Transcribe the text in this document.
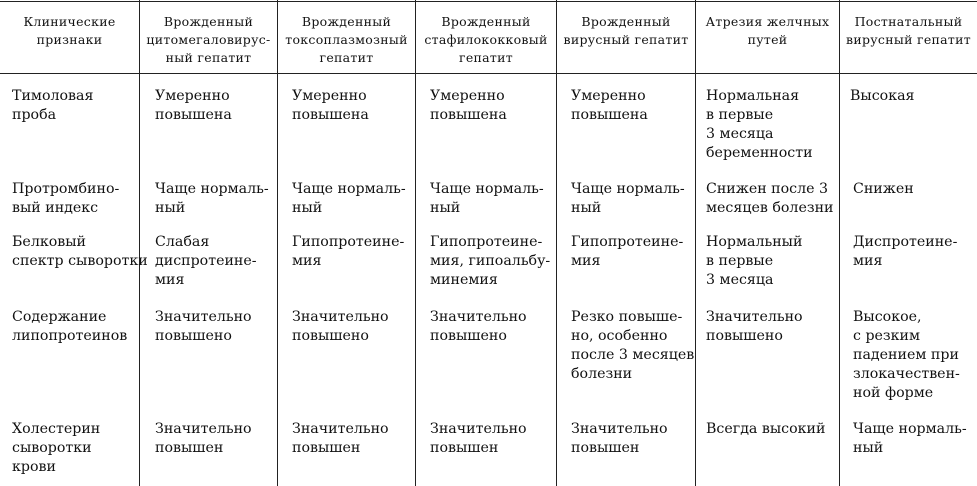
Клинические
признаки
Врожденный
цитомегаловирус-
ный гепатит
Врожденный
токсоплазмозный
гепатит
Врожденный
стафилококковый
гепатит
Врожденный
вирусный гепатит
Атрезия желчных
путей
Постнатальный
вирусный гепатит
Тимоловая
проба
Умеренно
повышена
Умеренно
повышена
Умеренно
повышена
Умеренно
повышена
Нормальная
в первые
3 месяца
беременности
Высокая
Протромбино-
вый индекс
Чаще нормаль-
ный
Чаще нормаль-
ный
Чаще нормаль-
ный
Чаще нормаль-
ный
Снижен после 3
месяцев болезни
Снижен
Белковый
спектр сыворотки
Слабая
диспротеине-
мия
Гипопротеине-
мия
Гипопротеине-
мия, гипоальбу-
минемия
Гипопротеине-
мия
Нормальный
в первые
3 месяца
Диспротеине-
мия
Содержание
липопротеинов
Значительно
повышено
Значительно
повышено
Значительно
повышено
Резко повыше-
но, особенно
после 3 месяцев
болезни
Значительно
повышено
Высокое,
с резким
падением при
злокачествен-
ной форме
Холестерин
сыворотки
крови
Значительно
повышен
Значительно
повышен
Значительно
повышен
Значительно
повышен
Всегда высокий Чаще нормаль-
ный
